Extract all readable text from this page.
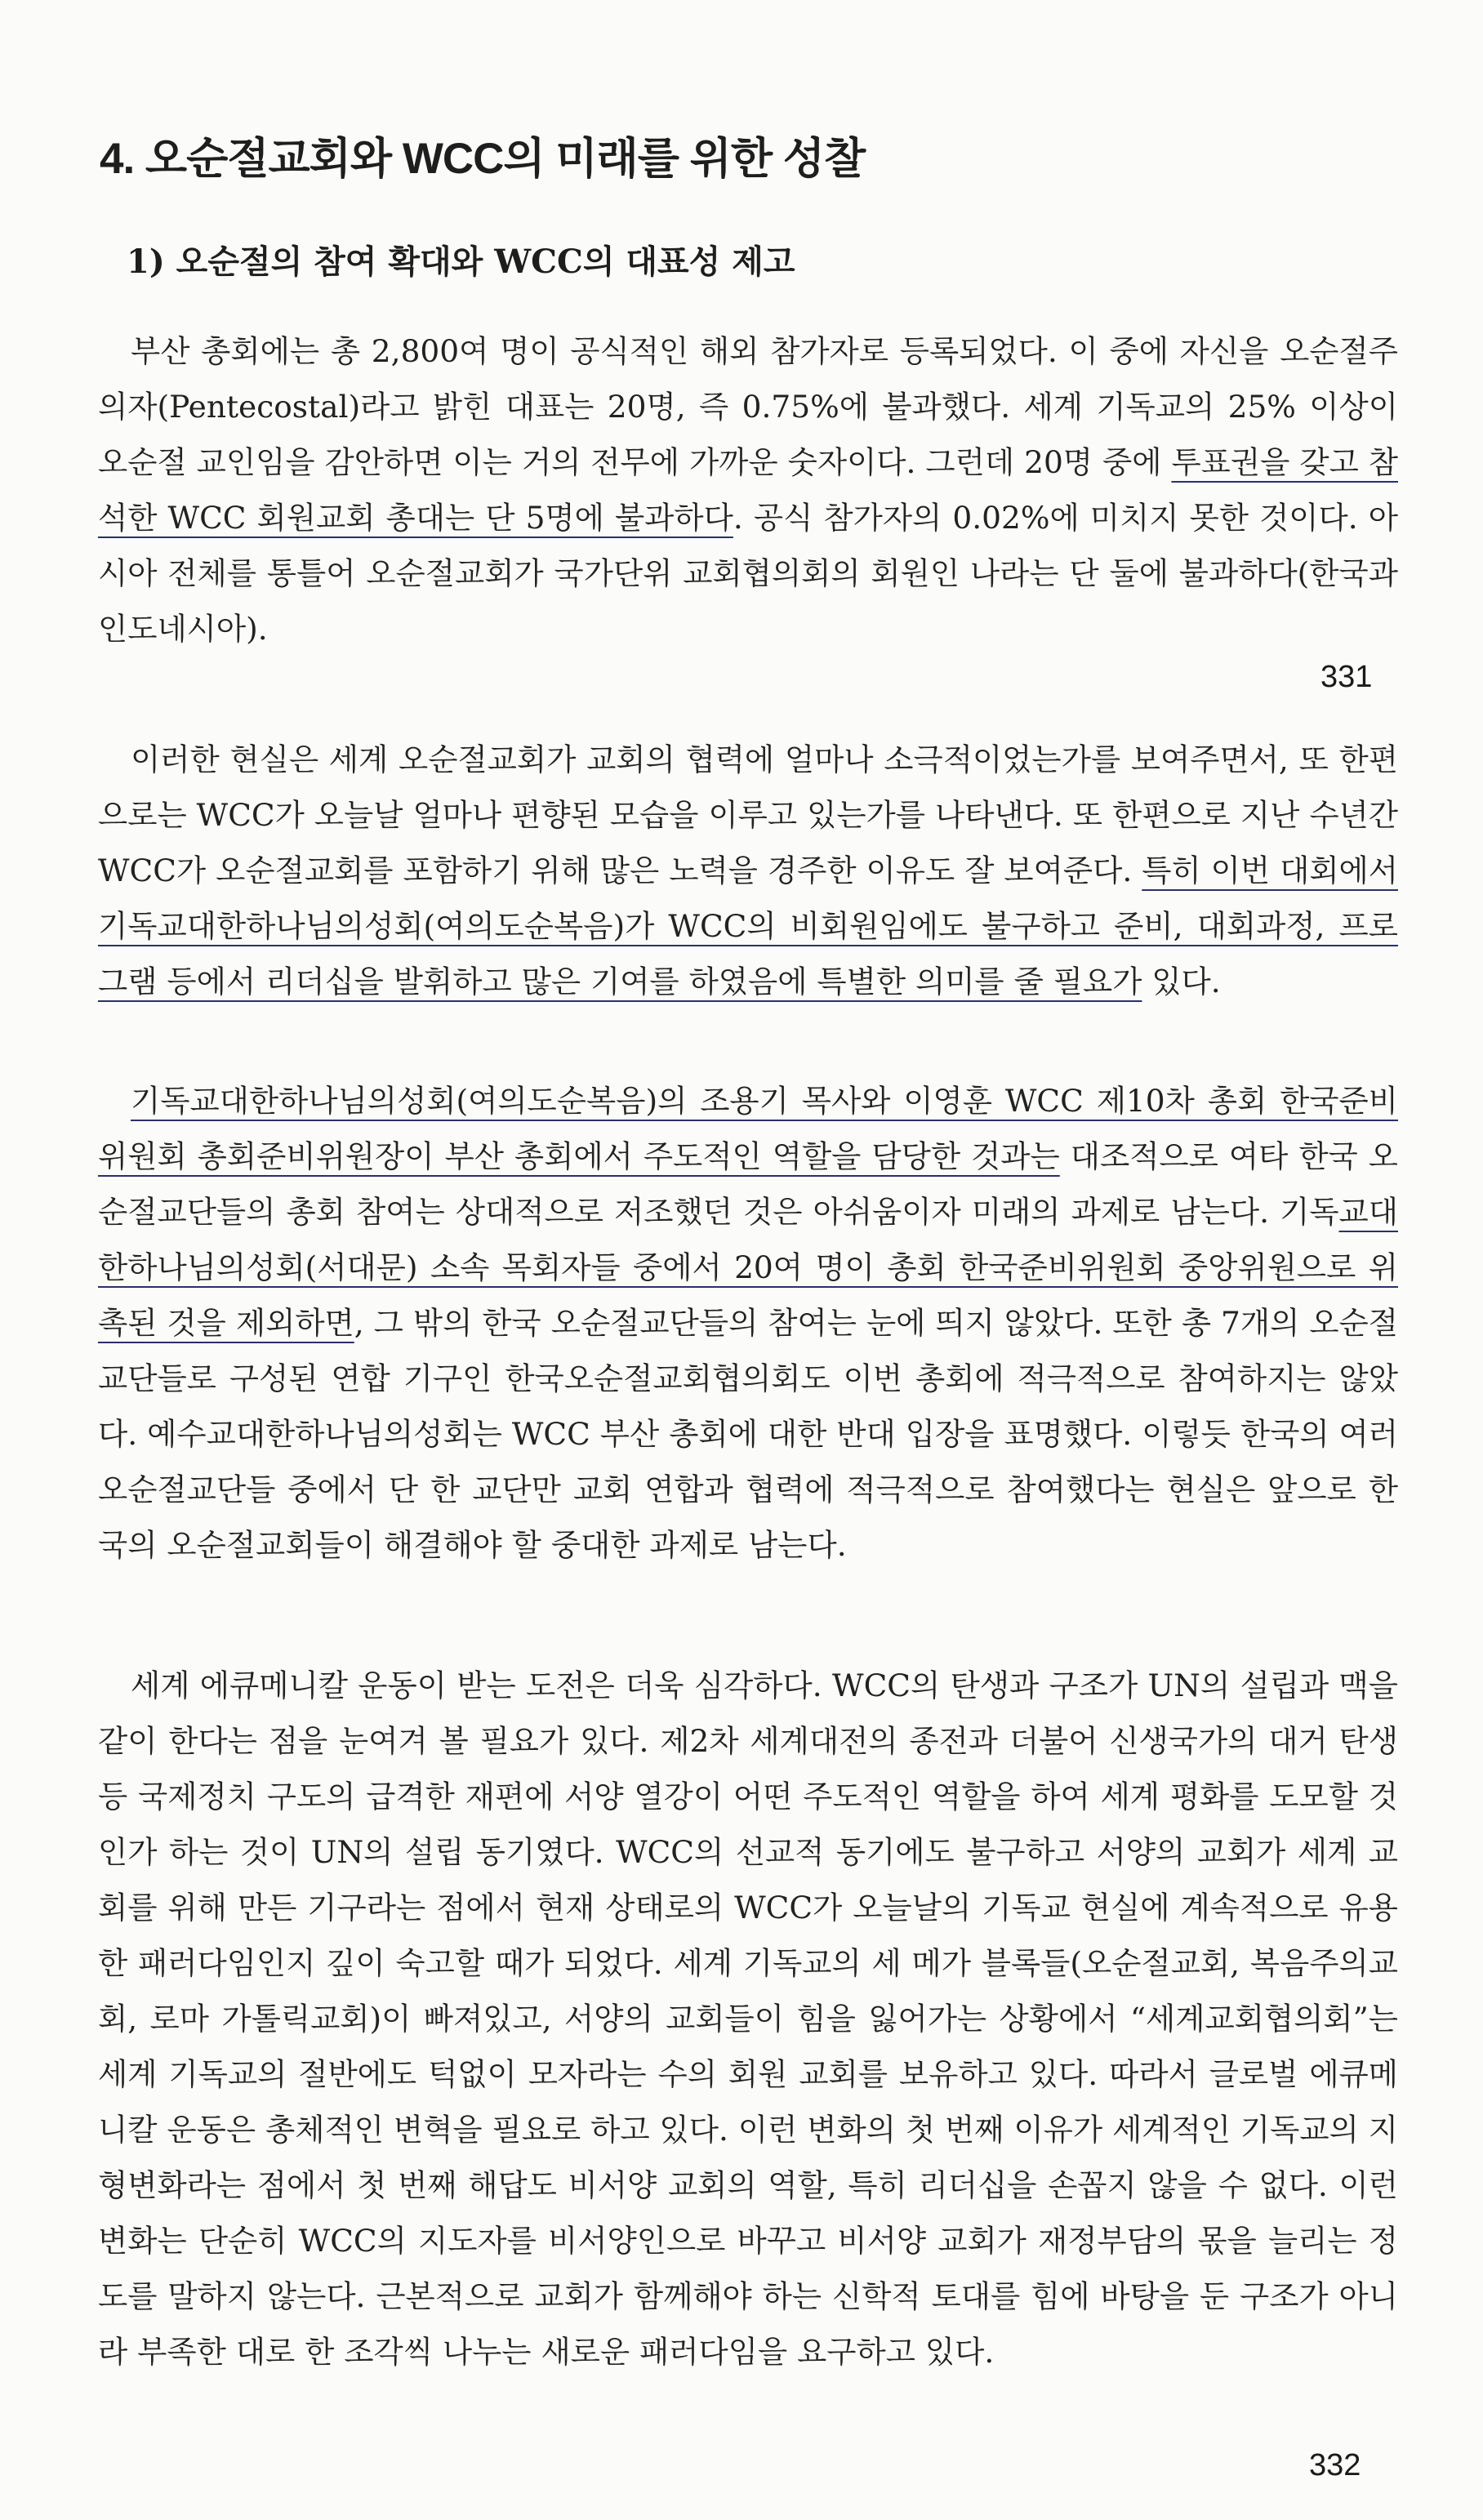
4. 오순절교회와 WCC의 미래를 위한 성찰
1) 오순절의 참여 확대와 WCC의 대표성 제고

부산 총회에는 총 2,800여 명이 공식적인 해외 참가자로 등록되었다. 이 중에 자신을 오순절주의자(Pentecostal)라고 밝힌 대표는 20명, 즉 0.75%에 불과했다. 세계 기독교의 25% 이상이 오순절 교인임을 감안하면 이는 거의 전무에 가까운 숫자이다. 그런데 20명 중에 투표권을 갖고 참석한 WCC 회원교회 총대는 단 5명에 불과하다. 공식 참가자의 0.02%에 미치지 못한 것이다. 아시아 전체를 통틀어 오순절교회가 국가단위 교회협의회의 회원인 나라는 단 둘에 불과하다(한국과 인도네시아).

331

이러한 현실은 세계 오순절교회가 교회의 협력에 얼마나 소극적이었는가를 보여주면서, 또 한편으로는 WCC가 오늘날 얼마나 편향된 모습을 이루고 있는가를 나타낸다. 또 한편으로 지난 수년간 WCC가 오순절교회를 포함하기 위해 많은 노력을 경주한 이유도 잘 보여준다. 특히 이번 대회에서 기독교대한하나님의성회(여의도순복음)가 WCC의 비회원임에도 불구하고 준비, 대회과정, 프로그램 등에서 리더십을 발휘하고 많은 기여를 하였음에 특별한 의미를 줄 필요가 있다.

기독교대한하나님의성회(여의도순복음)의 조용기 목사와 이영훈 WCC 제10차 총회 한국준비위원회 총회준비위원장이 부산 총회에서 주도적인 역할을 담당한 것과는 대조적으로 여타 한국 오순절교단들의 총회 참여는 상대적으로 저조했던 것은 아쉬움이자 미래의 과제로 남는다. 기독교대한하나님의성회(서대문) 소속 목회자들 중에서 20여 명이 총회 한국준비위원회 중앙위원으로 위촉된 것을 제외하면, 그 밖의 한국 오순절교단들의 참여는 눈에 띄지 않았다. 또한 총 7개의 오순절교단들로 구성된 연합 기구인 한국오순절교회협의회도 이번 총회에 적극적으로 참여하지는 않았다. 예수교대한하나님의성회는 WCC 부산 총회에 대한 반대 입장을 표명했다. 이렇듯 한국의 여러 오순절교단들 중에서 단 한 교단만 교회 연합과 협력에 적극적으로 참여했다는 현실은 앞으로 한국의 오순절교회들이 해결해야 할 중대한 과제로 남는다.

세계 에큐메니칼 운동이 받는 도전은 더욱 심각하다. WCC의 탄생과 구조가 UN의 설립과 맥을 같이 한다는 점을 눈여겨 볼 필요가 있다. 제2차 세계대전의 종전과 더불어 신생국가의 대거 탄생 등 국제정치 구도의 급격한 재편에 서양 열강이 어떤 주도적인 역할을 하여 세계 평화를 도모할 것인가 하는 것이 UN의 설립 동기였다. WCC의 선교적 동기에도 불구하고 서양의 교회가 세계 교회를 위해 만든 기구라는 점에서 현재 상태로의 WCC가 오늘날의 기독교 현실에 계속적으로 유용한 패러다임인지 깊이 숙고할 때가 되었다. 세계 기독교의 세 메가 블록들(오순절교회, 복음주의교회, 로마 가톨릭교회)이 빠져있고, 서양의 교회들이 힘을 잃어가는 상황에서 “세계교회협의회”는 세계 기독교의 절반에도 턱없이 모자라는 수의 회원 교회를 보유하고 있다. 따라서 글로벌 에큐메니칼 운동은 총체적인 변혁을 필요로 하고 있다. 이런 변화의 첫 번째 이유가 세계적인 기독교의 지형변화라는 점에서 첫 번째 해답도 비서양 교회의 역할, 특히 리더십을 손꼽지 않을 수 없다. 이런 변화는 단순히 WCC의 지도자를 비서양인으로 바꾸고 비서양 교회가 재정부담의 몫을 늘리는 정도를 말하지 않는다. 근본적으로 교회가 함께해야 하는 신학적 토대를 힘에 바탕을 둔 구조가 아니라 부족한 대로 한 조각씩 나누는 새로운 패러다임을 요구하고 있다.

332
